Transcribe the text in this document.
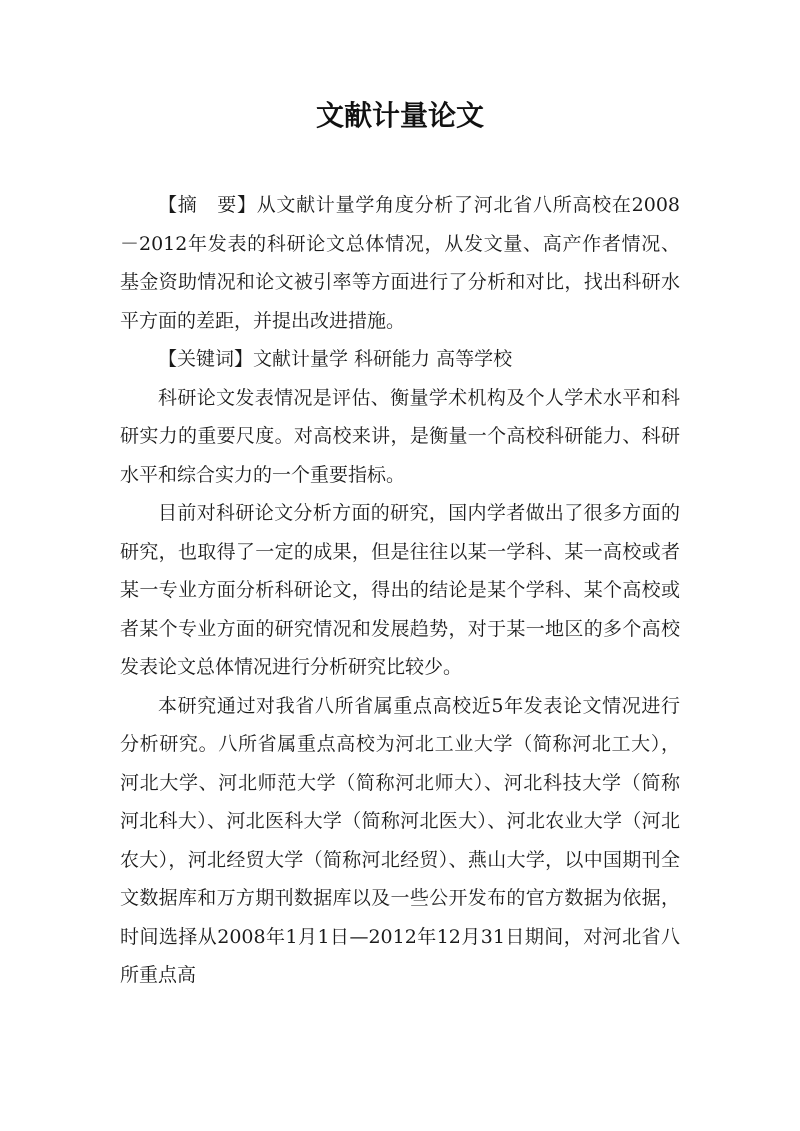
文献计量论文

【摘　要】从文献计量学角度分析了河北省八所高校在2008－2012年发表的科研论文总体情况，从发文量、高产作者情况、基金资助情况和论文被引率等方面进行了分析和对比，找出科研水平方面的差距，并提出改进措施。

【关键词】文献计量学 科研能力 高等学校

科研论文发表情况是评估、衡量学术机构及个人学术水平和科研实力的重要尺度。对高校来讲，是衡量一个高校科研能力、科研水平和综合实力的一个重要指标。

目前对科研论文分析方面的研究，国内学者做出了很多方面的研究，也取得了一定的成果，但是往往以某一学科、某一高校或者某一专业方面分析科研论文，得出的结论是某个学科、某个高校或者某个专业方面的研究情况和发展趋势，对于某一地区的多个高校发表论文总体情况进行分析研究比较少。

本研究通过对我省八所省属重点高校近5年发表论文情况进行分析研究。八所省属重点高校为河北工业大学（简称河北工大），河北大学、河北师范大学（简称河北师大）、河北科技大学（简称河北科大）、河北医科大学（简称河北医大）、河北农业大学（河北农大），河北经贸大学（简称河北经贸）、燕山大学，以中国期刊全文数据库和万方期刊数据库以及一些公开发布的官方数据为依据，时间选择从2008年1月1日—2012年12月31日期间，对河北省八所重点高
